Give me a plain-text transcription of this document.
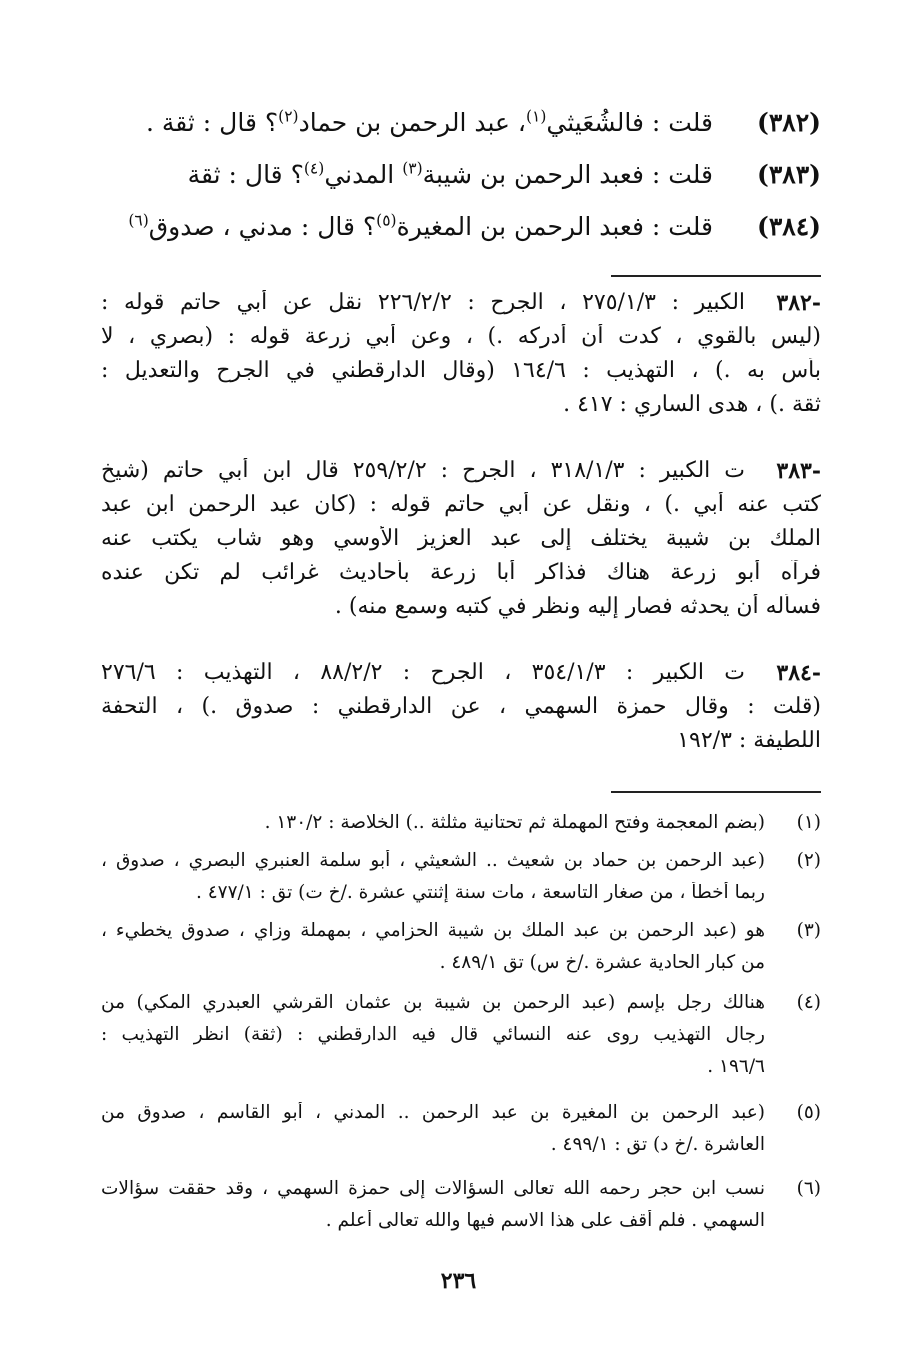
(٣٨٢)
قلت : فالشُعَيثي$^{(١)}$، عبد الرحمن بن حماد$^{(٢)}$؟ قال : ثقة .
(٣٨٣)
قلت : فعبد الرحمن بن شيبة$^{(٣)}$ المدني$^{(٤)}$؟ قال : ثقة
(٣٨٤)
قلت : فعبد الرحمن بن المغيرة$^{(٥)}$؟ قال : مدني ، صدوق$^{(٦)}$
-٣٨٢
الكبير : ٢٧٥/١/٣ ، الجرح : ٢٢٦/٢/٢ نقل عن أبي حاتم قوله :
(ليس بالقوي ، كدت أن أدركه .) ، وعن أبي زرعة قوله : (بصري ، لا
بأس به .) ، التهذيب : ١٦٤/٦ (وقال الدارقطني في الجرح والتعديل :
ثقة .) ، هدى الساري : ٤١٧ .
-٣٨٣
ت الكبير : ٣١٨/١/٣ ، الجرح : ٢٥٩/٢/٢ قال ابن أبي حاتم (شيخ
كتب عنه أبي .) ، ونقل عن أبي حاتم قوله : (كان عبد الرحمن ابن عبد
الملك بن شيبة يختلف إلى عبد العزيز الأوسي وهو شاب يكتب عنه
فرآه أبو زرعة هناك فذاكر أبا زرعة بأحاديث غرائب لم تكن عنده
فسأله أن يحدثه فصار إليه ونظر في كتبه وسمع منه) .
-٣٨٤
ت الكبير : ٣٥٤/١/٣ ، الجرح : ٨٨/٢/٢ ، التهذيب : ٢٧٦/٦
(قلت : وقال حمزة السهمي ، عن الدارقطني : صدوق .) ، التحفة
اللطيفة : ١٩٢/٣
(١)
(بضم المعجمة وفتح المهملة ثم تحتانية مثلثة ..) الخلاصة : ١٣٠/٢ .
(٢)
(عبد الرحمن بن حماد بن شعيث .. الشعيثي ، أبو سلمة العنبري البصري ، صدوق ،
ربما أخطأ ، من صغار التاسعة ، مات سنة إثنتي عشرة ./خ ت) تق : ٤٧٧/١ .
(٣)
هو (عبد الرحمن بن عبد الملك بن شيبة الحزامي ، بمهملة وزاي ، صدوق يخطيء ،
من كبار الحادية عشرة ./خ س) تق ٤٨٩/١ .
(٤)
هنالك رجل بإسم (عبد الرحمن بن شيبة بن عثمان القرشي العبدري المكي) من
رجال التهذيب روى عنه النسائي قال فيه الدارقطني : (ثقة) انظر التهذيب :
١٩٦/٦ .
(٥)
(عبد الرحمن بن المغيرة بن عبد الرحمن .. المدني ، أبو القاسم ، صدوق من
العاشرة ./خ د) تق : ٤٩٩/١ .
(٦)
نسب ابن حجر رحمه الله تعالى السؤالات إلى حمزة السهمي ، وقد حققت سؤالات
السهمي . فلم أقف على هذا الاسم فيها والله تعالى أعلم .
٢٣٦
